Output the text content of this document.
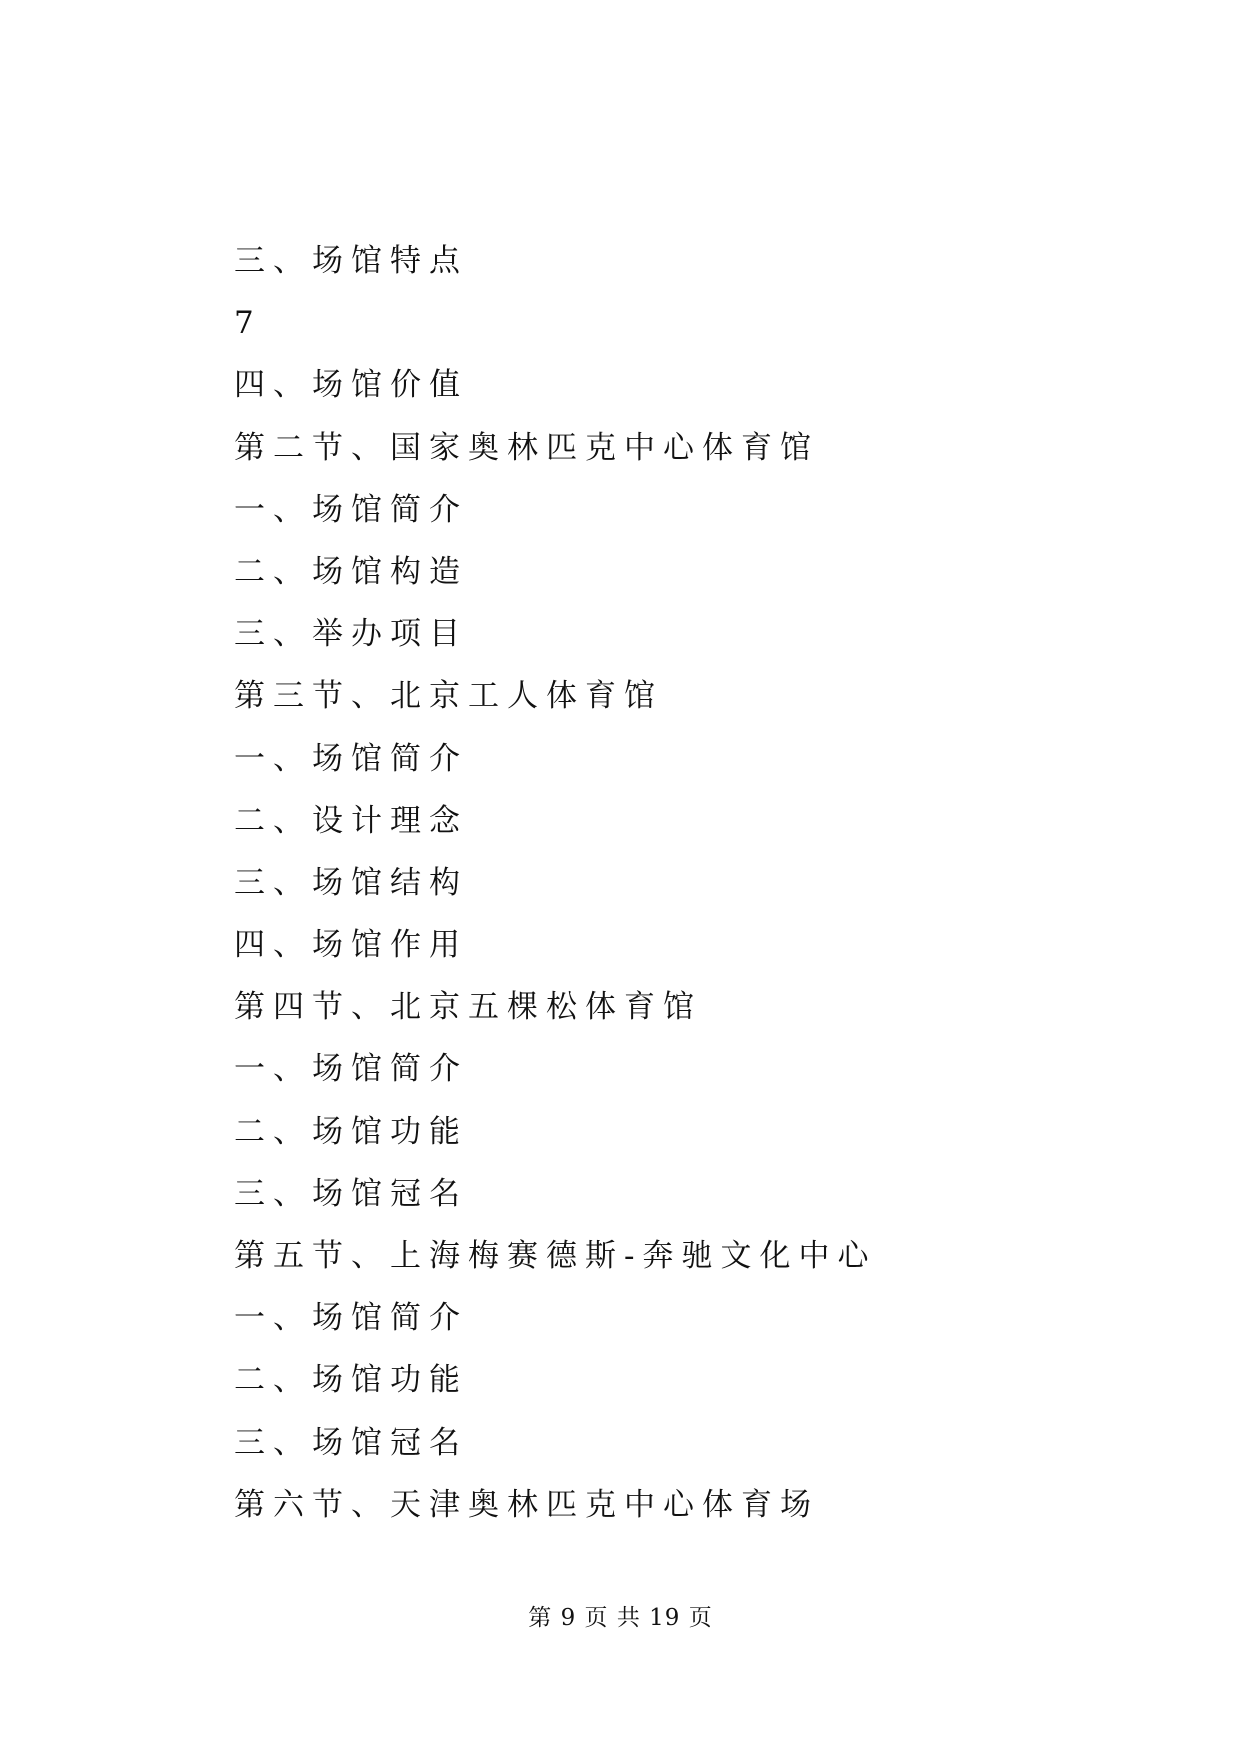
三、场馆特点
7
四、场馆价值
第二节、国家奥林匹克中心体育馆
一、场馆简介
二、场馆构造
三、举办项目
第三节、北京工人体育馆
一、场馆简介
二、设计理念
三、场馆结构
四、场馆作用
第四节、北京五棵松体育馆
一、场馆简介
二、场馆功能
三、场馆冠名
第五节、上海梅赛德斯-奔驰文化中心
一、场馆简介
二、场馆功能
三、场馆冠名
第六节、天津奥林匹克中心体育场
第 9 页 共 19 页
